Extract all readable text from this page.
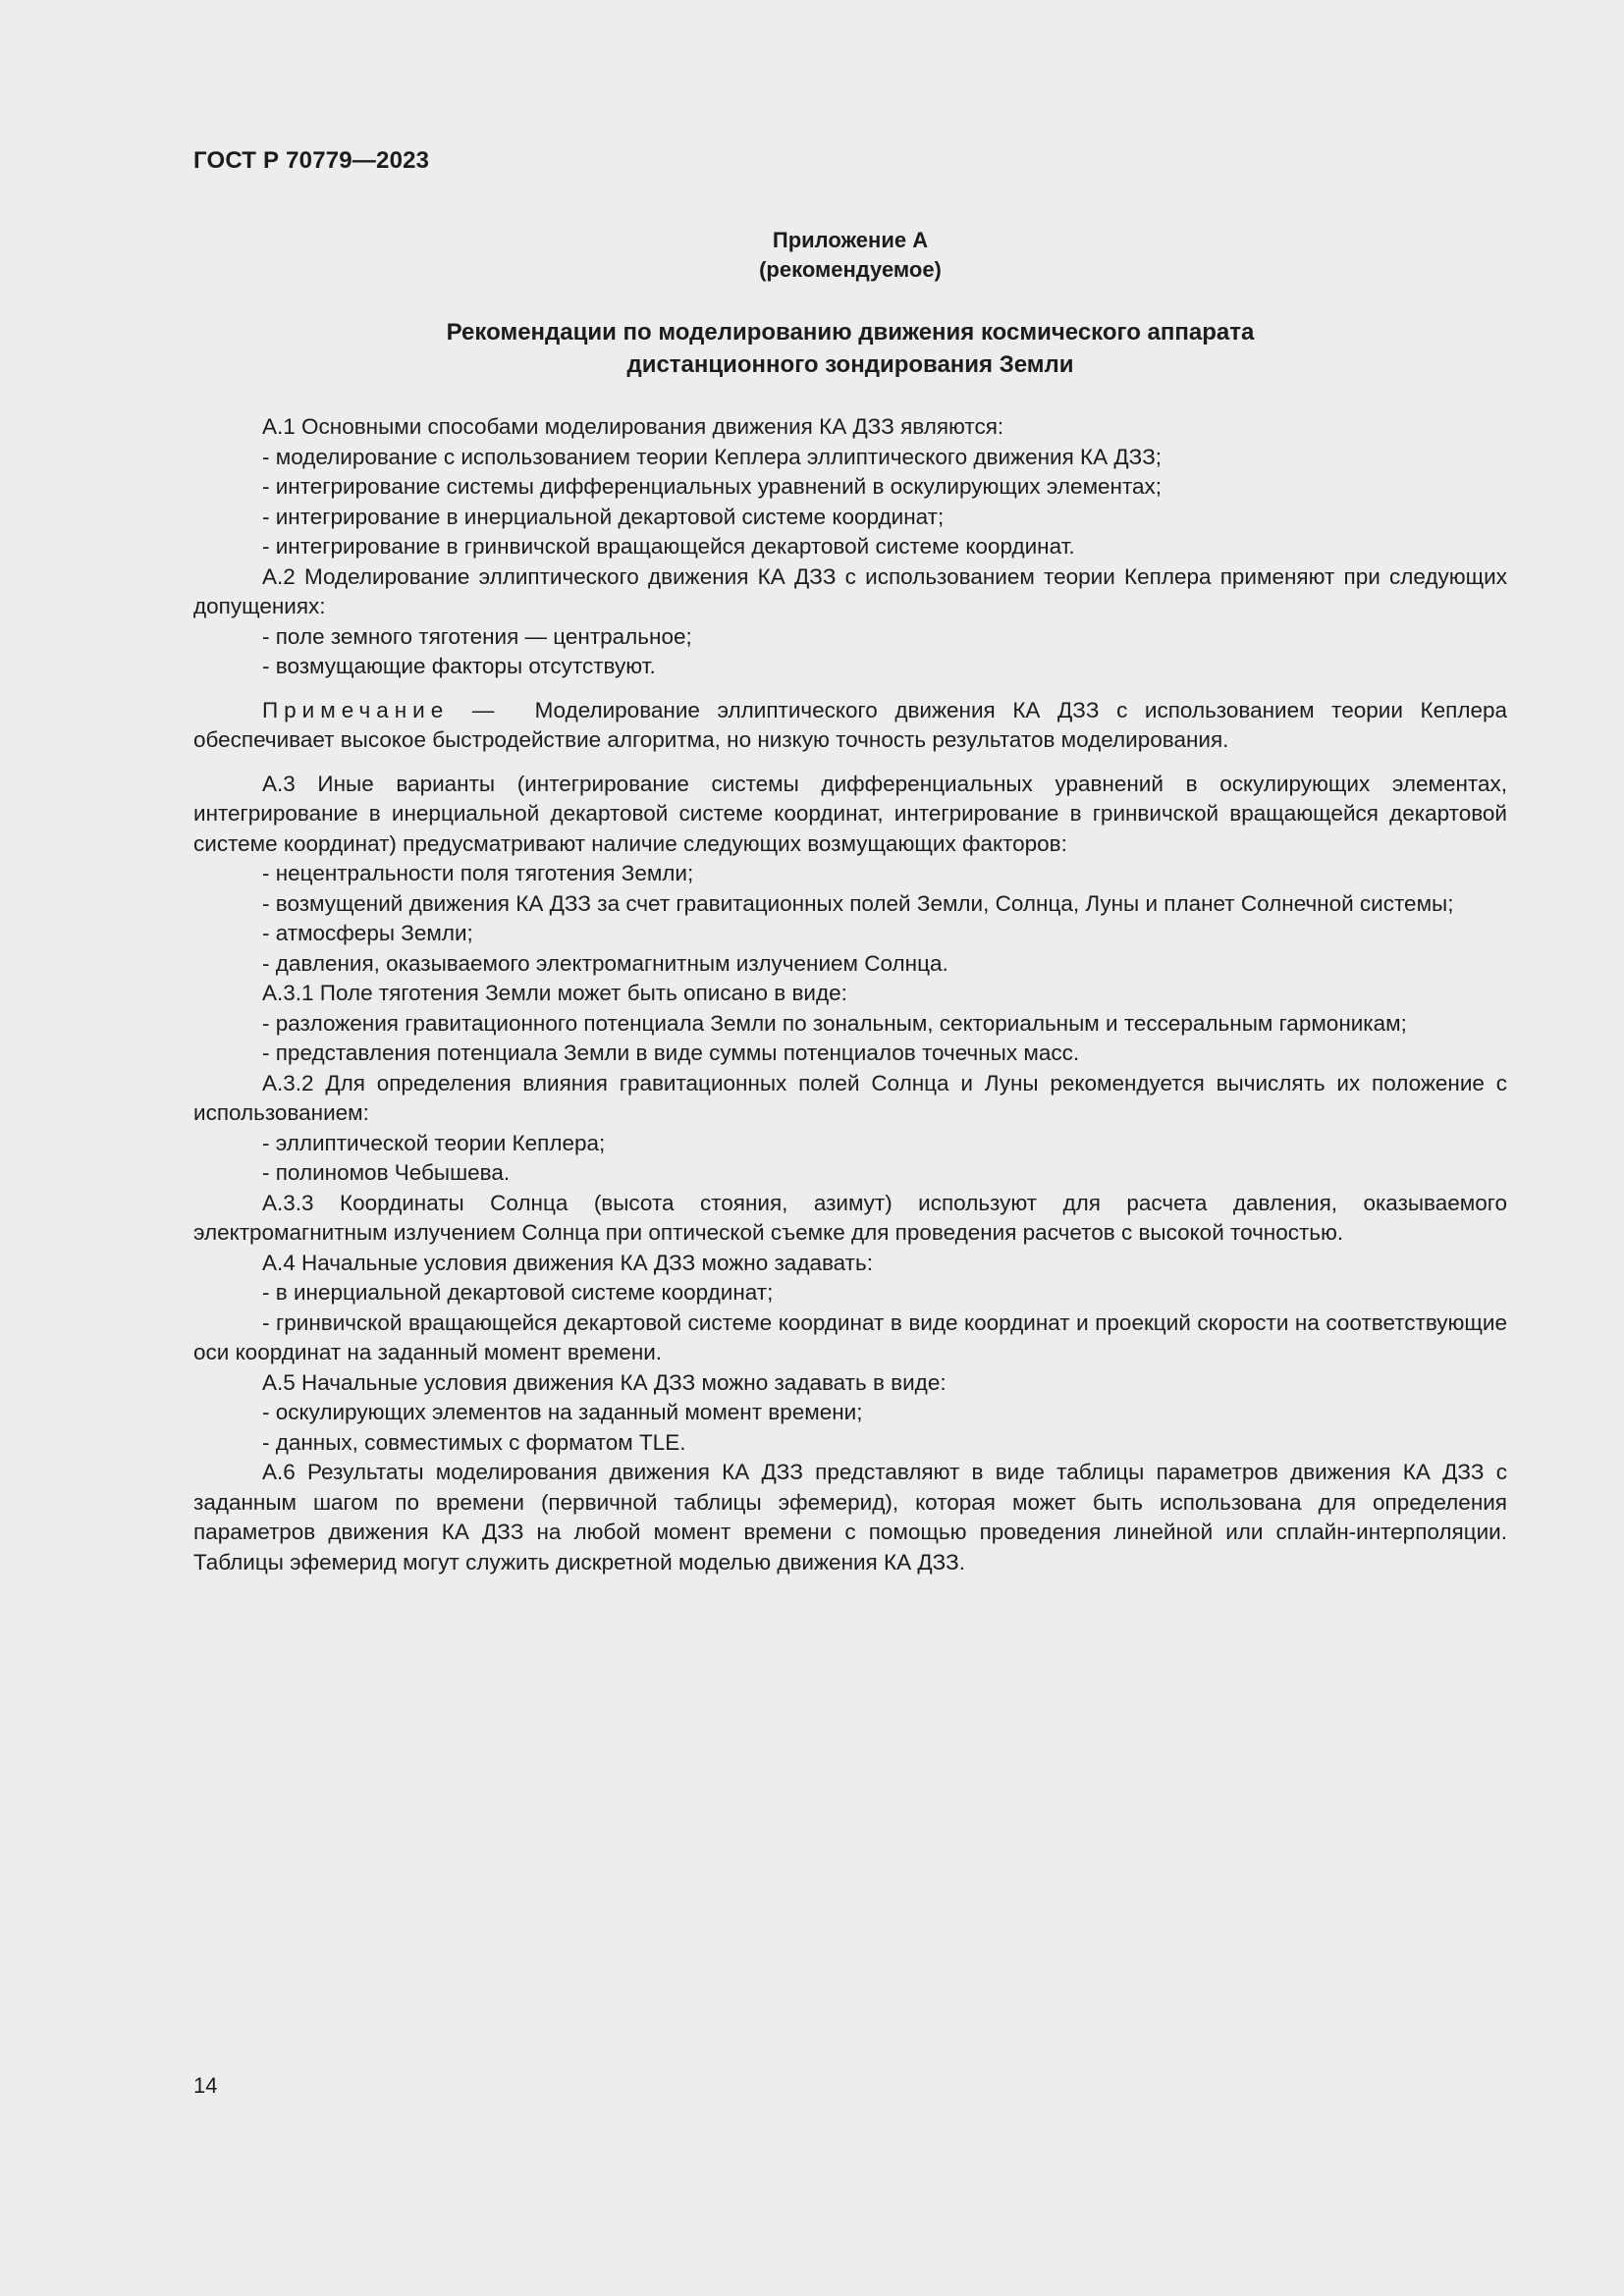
ГОСТ Р 70779—2023
Приложение А
(рекомендуемое)
Рекомендации по моделированию движения космического аппарата
дистанционного зондирования Земли

А.1 Основными способами моделирования движения КА ДЗЗ являются:

- моделирование с использованием теории Кеплера эллиптического движения КА ДЗЗ;

- интегрирование системы дифференциальных уравнений в оскулирующих элементах;

- интегрирование в инерциальной декартовой системе координат;

- интегрирование в гринвичской вращающейся декартовой системе координат.

А.2 Моделирование эллиптического движения КА ДЗЗ с использованием теории Кеплера применяют при следующих допущениях:

- поле земного тяготения — центральное;

- возмущающие факторы отсутствуют.

Примечание — Моделирование эллиптического движения КА ДЗЗ с использованием теории Кеплера обеспечивает высокое быстродействие алгоритма, но низкую точность результатов моделирования.

А.3 Иные варианты (интегрирование системы дифференциальных уравнений в оскулирующих элементах, интегрирование в инерциальной декартовой системе координат, интегрирование в гринвичской вращающейся декартовой системе координат) предусматривают наличие следующих возмущающих факторов:

- нецентральности поля тяготения Земли;

- возмущений движения КА ДЗЗ за счет гравитационных полей Земли, Солнца, Луны и планет Солнечной системы;

- атмосферы Земли;

- давления, оказываемого электромагнитным излучением Солнца.

А.3.1 Поле тяготения Земли может быть описано в виде:

- разложения гравитационного потенциала Земли по зональным, секториальным и тессеральным гармоникам;

- представления потенциала Земли в виде суммы потенциалов точечных масс.

А.3.2 Для определения влияния гравитационных полей Солнца и Луны рекомендуется вычислять их положение с использованием:

- эллиптической теории Кеплера;

- полиномов Чебышева.

А.3.3 Координаты Солнца (высота стояния, азимут) используют для расчета давления, оказываемого электромагнитным излучением Солнца при оптической съемке для проведения расчетов с высокой точностью.

А.4 Начальные условия движения КА ДЗЗ можно задавать:

- в инерциальной декартовой системе координат;

- гринвичской вращающейся декартовой системе координат в виде координат и проекций скорости на соответствующие оси координат на заданный момент времени.

А.5 Начальные условия движения КА ДЗЗ можно задавать в виде:

- оскулирующих элементов на заданный момент времени;

- данных, совместимых с форматом TLE.

А.6 Результаты моделирования движения КА ДЗЗ представляют в виде таблицы параметров движения КА ДЗЗ с заданным шагом по времени (первичной таблицы эфемерид), которая может быть использована для определения параметров движения КА ДЗЗ на любой момент времени с помощью проведения линейной или сплайн-интерполяции. Таблицы эфемерид могут служить дискретной моделью движения КА ДЗЗ.

14
